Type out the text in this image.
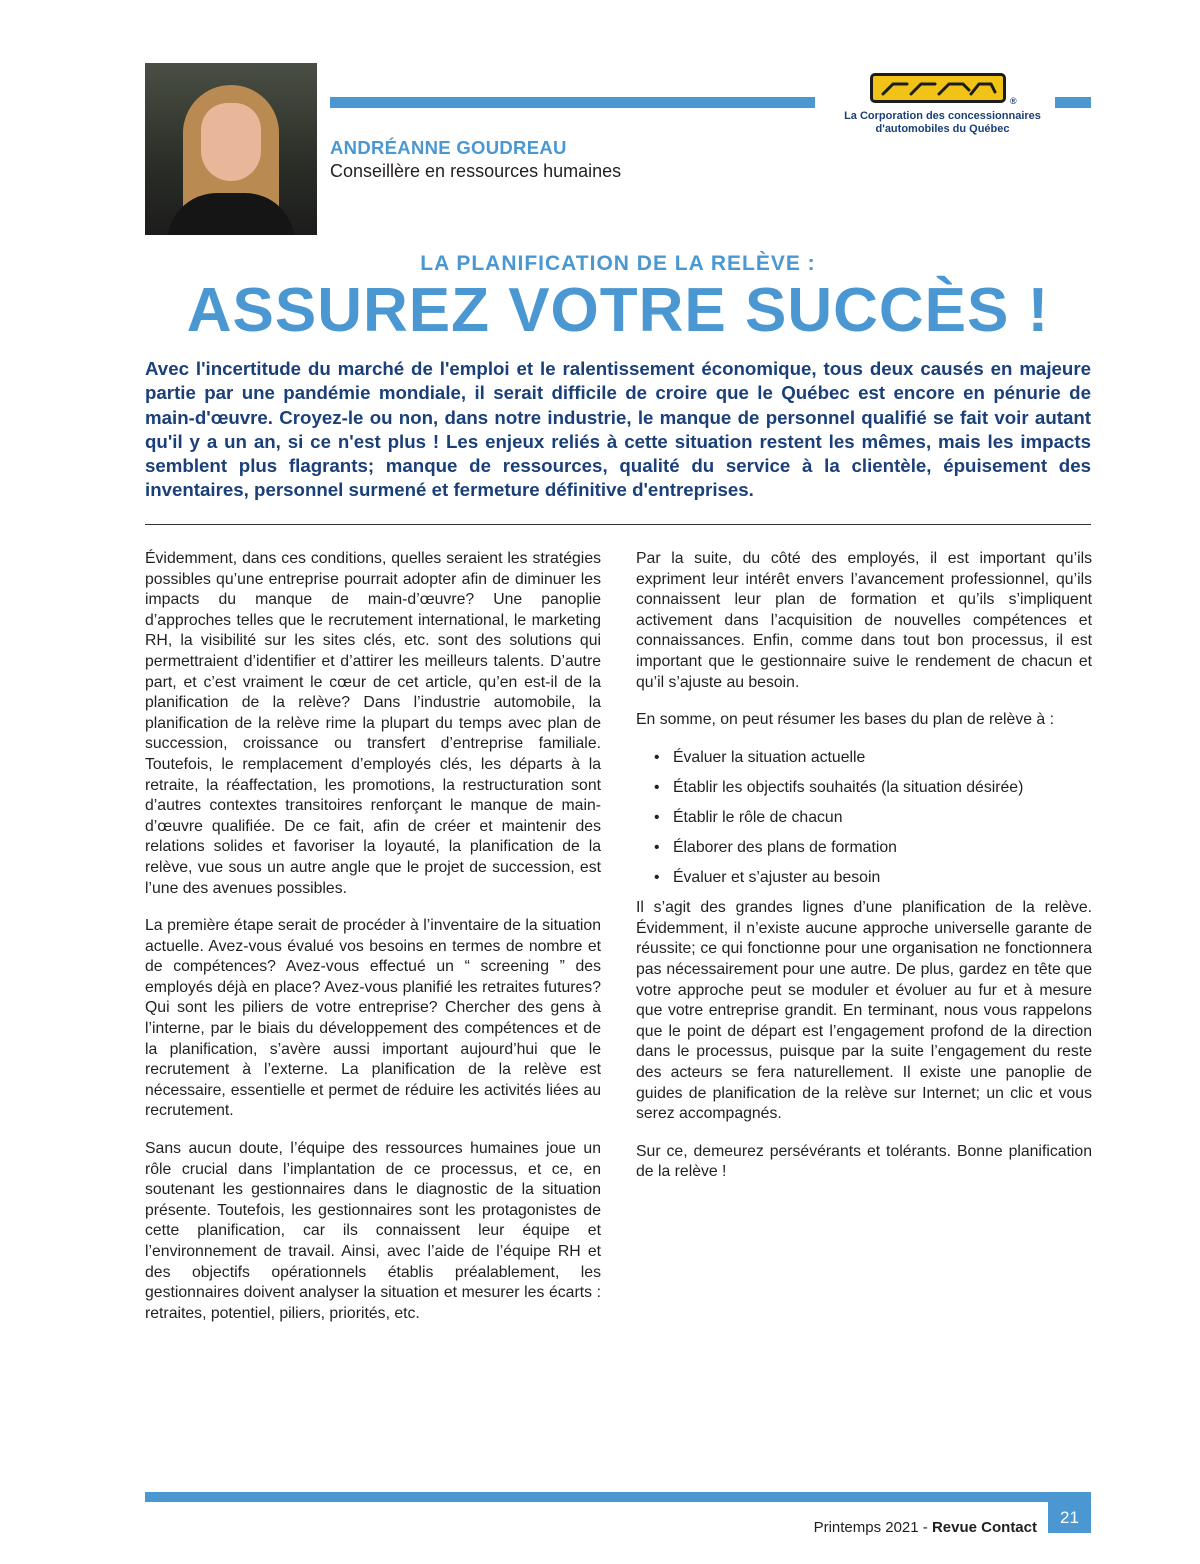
®
La Corporation des concessionnaires
d'automobiles du Québec
ANDRÉANNE GOUDREAU
Conseillère en ressources humaines
LA PLANIFICATION DE LA RELÈVE :
ASSUREZ VOTRE SUCCÈS !

Avec l'incertitude du marché de l'emploi et le ralentissement économique, tous deux causés en majeure partie par une pandémie mondiale, il serait difficile de croire que le Québec est encore en pénurie de main-d'œuvre. Croyez-le ou non, dans notre industrie, le manque de personnel qualifié se fait voir autant qu'il y a un an, si ce n'est plus ! Les enjeux reliés à cette situation restent les mêmes, mais les impacts semblent plus flagrants; manque de ressources, qualité du service à la clientèle, épuisement des inventaires, personnel surmené et fermeture définitive d'entreprises.

Évidemment, dans ces conditions, quelles seraient les stratégies possibles qu’une entreprise pourrait adopter afin de diminuer les impacts du manque de main-d’œuvre? Une panoplie d’approches telles que le recrutement international, le marketing RH, la visibilité sur les sites clés, etc. sont des solutions qui permettraient d’identifier et d’attirer les meilleurs talents. D’autre part, et c’est vraiment le cœur de cet article, qu’en est-il de la planification de la relève? Dans l’industrie automobile, la planification de la relève rime la plupart du temps avec plan de succession, croissance ou transfert d’entreprise familiale. Toutefois, le remplacement d’employés clés, les départs à la retraite, la réaffectation, les promotions, la restructuration sont d’autres contextes transitoires renforçant le manque de main-d’œuvre qualifiée. De ce fait, afin de créer et maintenir des relations solides et favoriser la loyauté, la planification de la relève, vue sous un autre angle que le projet de succession, est l’une des avenues possibles.

La première étape serait de procéder à l’inventaire de la situation actuelle. Avez-vous évalué vos besoins en termes de nombre et de compétences? Avez-vous effectué un “ screening ” des employés déjà en place? Avez-vous planifié les retraites futures? Qui sont les piliers de votre entreprise? Chercher des gens à l’interne, par le biais du développement des compétences et de la planification, s’avère aussi important aujourd’hui que le recrutement à l’externe. La planification de la relève est nécessaire, essentielle et permet de réduire les activités liées au recrutement.

Sans aucun doute, l’équipe des ressources humaines joue un rôle crucial dans l’implantation de ce processus, et ce, en soutenant les gestionnaires dans le diagnostic de la situation présente. Toutefois, les gestionnaires sont les protagonistes de cette planification, car ils connaissent leur équipe et l’environnement de travail. Ainsi, avec l’aide de l’équipe RH et des objectifs opérationnels établis préalablement, les gestionnaires doivent analyser la situation et mesurer les écarts : retraites, potentiel, piliers, priorités, etc.

Par la suite, du côté des employés, il est important qu’ils expriment leur intérêt envers l’avancement professionnel, qu’ils connaissent leur plan de formation et qu’ils s’impliquent activement dans l’acquisition de nouvelles compétences et connaissances. Enfin, comme dans tout bon processus, il est important que le gestionnaire suive le rendement de chacun et qu’il s’ajuste au besoin.

En somme, on peut résumer les bases du plan de relève à :

• Évaluer la situation actuelle
• Établir les objectifs souhaités (la situation désirée)
• Établir le rôle de chacun
• Élaborer des plans de formation
• Évaluer et s’ajuster au besoin

Il s’agit des grandes lignes d’une planification de la relève. Évidemment, il n’existe aucune approche universelle garante de réussite; ce qui fonctionne pour une organisation ne fonctionnera pas nécessairement pour une autre. De plus, gardez en tête que votre approche peut se moduler et évoluer au fur et à mesure que votre entreprise grandit. En terminant, nous vous rappelons que le point de départ est l’engagement profond de la direction dans le processus, puisque par la suite l’engagement du reste des acteurs se fera naturellement. Il existe une panoplie de guides de planification de la relève sur Internet; un clic et vous serez accompagnés.

Sur ce, demeurez persévérants et tolérants. Bonne planification de la relève !

Printemps 2021 - Revue Contact
21
